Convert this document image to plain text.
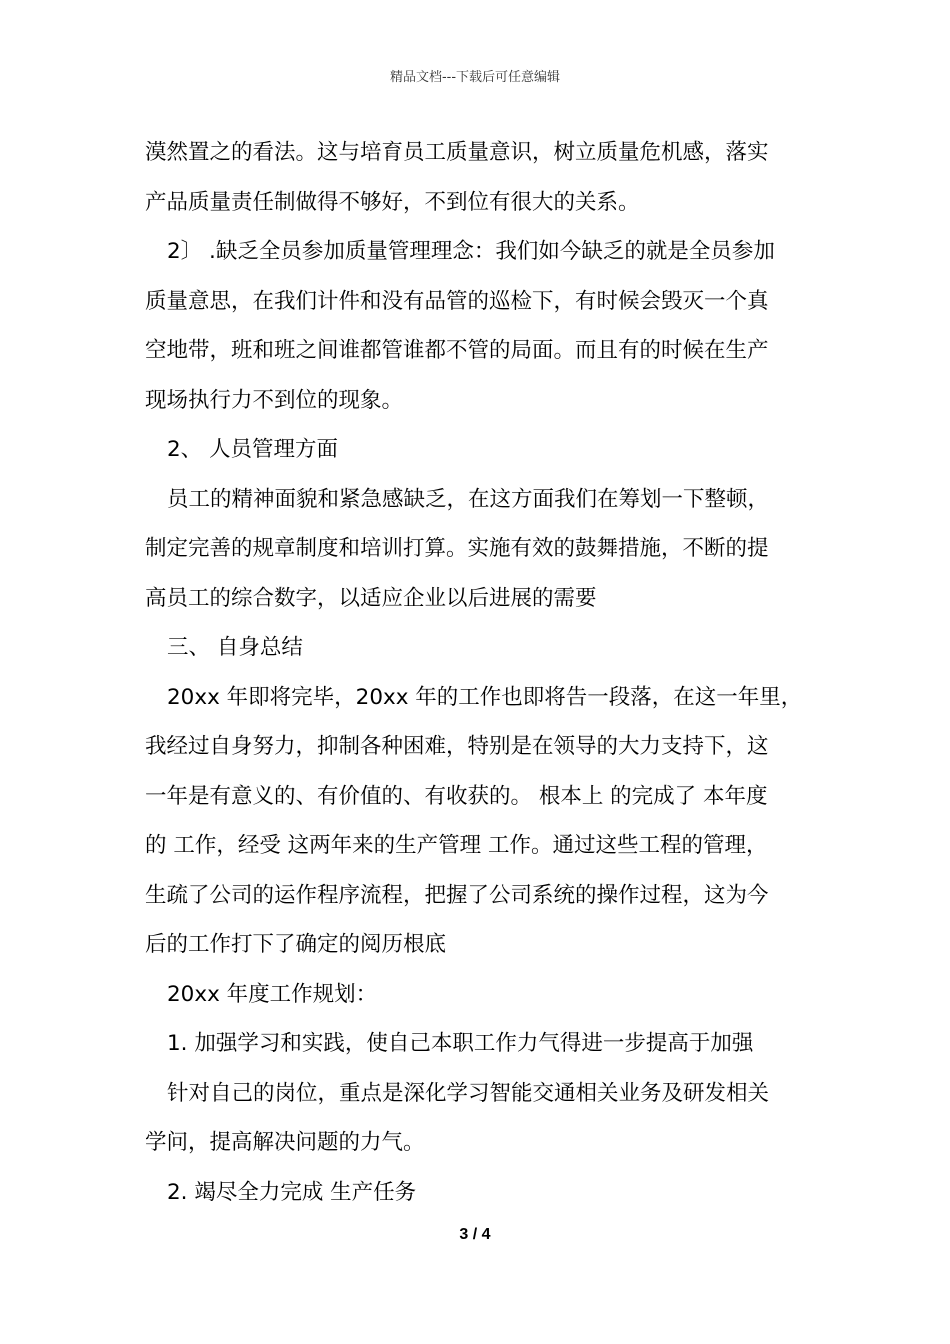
精品文档---下载后可任意编辑
漠然置之的看法。这与培育员工质量意识，树立质量危机感，落实
产品质量责任制做得不够好，不到位有很大的关系。
2〕 .缺乏全员参加质量管理理念：我们如今缺乏的就是全员参加
质量意思，在我们计件和没有品管的巡检下，有时候会毁灭一个真
空地带，班和班之间谁都管谁都不管的局面。而且有的时候在生产
现场执行力不到位的现象。
2、 人员管理方面
员工的精神面貌和紧急感缺乏，在这方面我们在筹划一下整顿，
制定完善的规章制度和培训打算。实施有效的鼓舞措施，不断的提
高员工的综合数字，以适应企业以后进展的需要
三、 自身总结
20xx 年即将完毕，20xx 年的工作也即将告一段落，在这一年里，
我经过自身努力，抑制各种困难，特别是在领导的大力支持下，这
一年是有意义的、有价值的、有收获的。 根本上 的完成了 本年度
的 工作，经受 这两年来的生产管理 工作。通过这些工程的管理，
生疏了公司的运作程序流程，把握了公司系统的操作过程，这为今
后的工作打下了确定的阅历根底
20xx 年度工作规划：
1. 加强学习和实践，使自己本职工作力气得进一步提高于加强
针对自己的岗位，重点是深化学习智能交通相关业务及研发相关
学问，提高解决问题的力气。
2. 竭尽全力完成 生产任务
3 / 4
